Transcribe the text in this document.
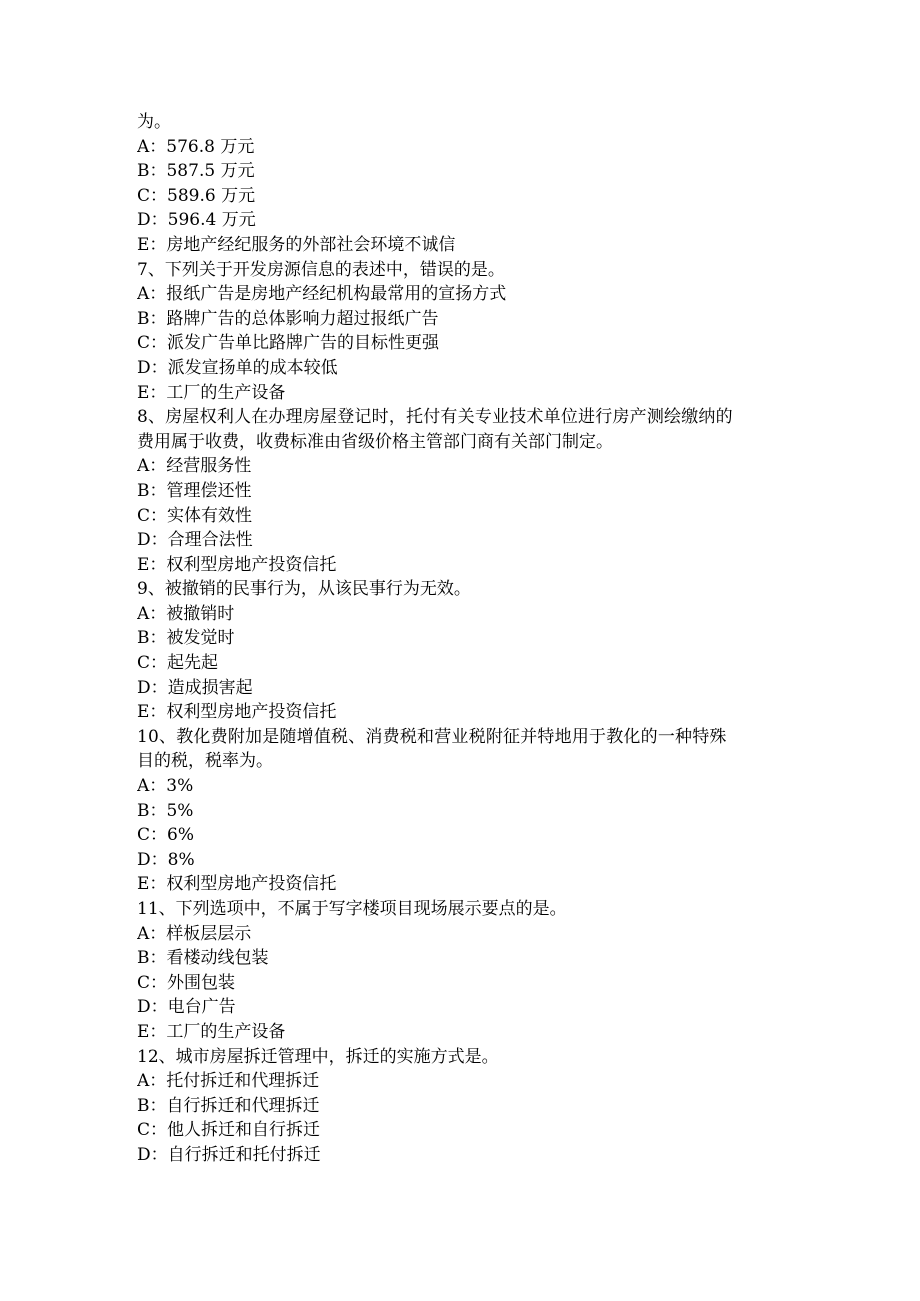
为。
A：576.8 万元
B：587.5 万元
C：589.6 万元
D：596.4 万元
E：房地产经纪服务的外部社会环境不诚信
7、下列关于开发房源信息的表述中，错误的是。
A：报纸广告是房地产经纪机构最常用的宣扬方式
B：路牌广告的总体影响力超过报纸广告
C：派发广告单比路牌广告的目标性更强
D：派发宣扬单的成本较低
E：工厂的生产设备
8、房屋权利人在办理房屋登记时，托付有关专业技术单位进行房产测绘缴纳的
费用属于收费，收费标准由省级价格主管部门商有关部门制定。
A：经营服务性
B：管理偿还性
C：实体有效性
D：合理合法性
E：权利型房地产投资信托
9、被撤销的民事行为，从该民事行为无效。
A：被撤销时
B：被发觉时
C：起先起
D：造成损害起
E：权利型房地产投资信托
10、教化费附加是随增值税、消费税和营业税附征并特地用于教化的一种特殊
目的税，税率为。
A：3%
B：5%
C：6%
D：8%
E：权利型房地产投资信托
11、下列选项中，不属于写字楼项目现场展示要点的是。
A：样板层层示
B：看楼动线包装
C：外围包装
D：电台广告
E：工厂的生产设备
12、城市房屋拆迁管理中，拆迁的实施方式是。
A：托付拆迁和代理拆迁
B：自行拆迁和代理拆迁
C：他人拆迁和自行拆迁
D：自行拆迁和托付拆迁
